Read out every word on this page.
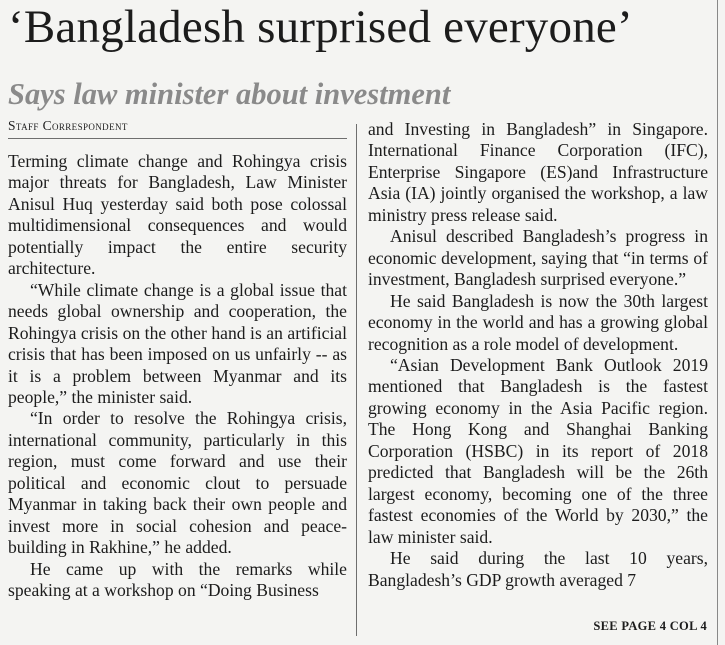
‘Bangladesh surprised everyone’
Says law minister about investment
Staff Correspondent

Terming climate change and Rohingya crisis major threats for Bangladesh, Law Minister Anisul Huq yesterday said both pose colossal multidimensional consequences and would potentially impact the entire security architecture.

“While climate change is a global issue that needs global ownership and cooperation, the Rohingya crisis on the other hand is an artificial crisis that has been imposed on us unfairly -- as it is a problem between Myanmar and its people,” the minister said.

“In order to resolve the Rohingya crisis, international community, particularly in this region, must come forward and use their political and economic clout to persuade Myanmar in taking back their own people and invest more in social cohesion and peace-building in Rakhine,” he added.

He came up with the remarks while speaking at a workshop on “Doing Business

and Investing in Bangladesh” in Singapore. International Finance Corporation (IFC), Enterprise Singapore (ES)and Infrastructure Asia (IA) jointly organised the workshop, a law ministry press release said.

Anisul described Bangladesh’s progress in economic development, saying that “in terms of investment, Bangladesh surprised everyone.”

He said Bangladesh is now the 30th largest economy in the world and has a growing global recognition as a role model of development.

“Asian Development Bank Outlook 2019 mentioned that Bangladesh is the fastest growing economy in the Asia Pacific region. The Hong Kong and Shanghai Banking Corporation (HSBC) in its report of 2018 predicted that Bangladesh will be the 26th largest economy, becoming one of the three fastest economies of the World by 2030,” the law minister said.

He said during the last 10 years, Bangladesh’s GDP growth averaged 7

SEE PAGE 4 COL 4
